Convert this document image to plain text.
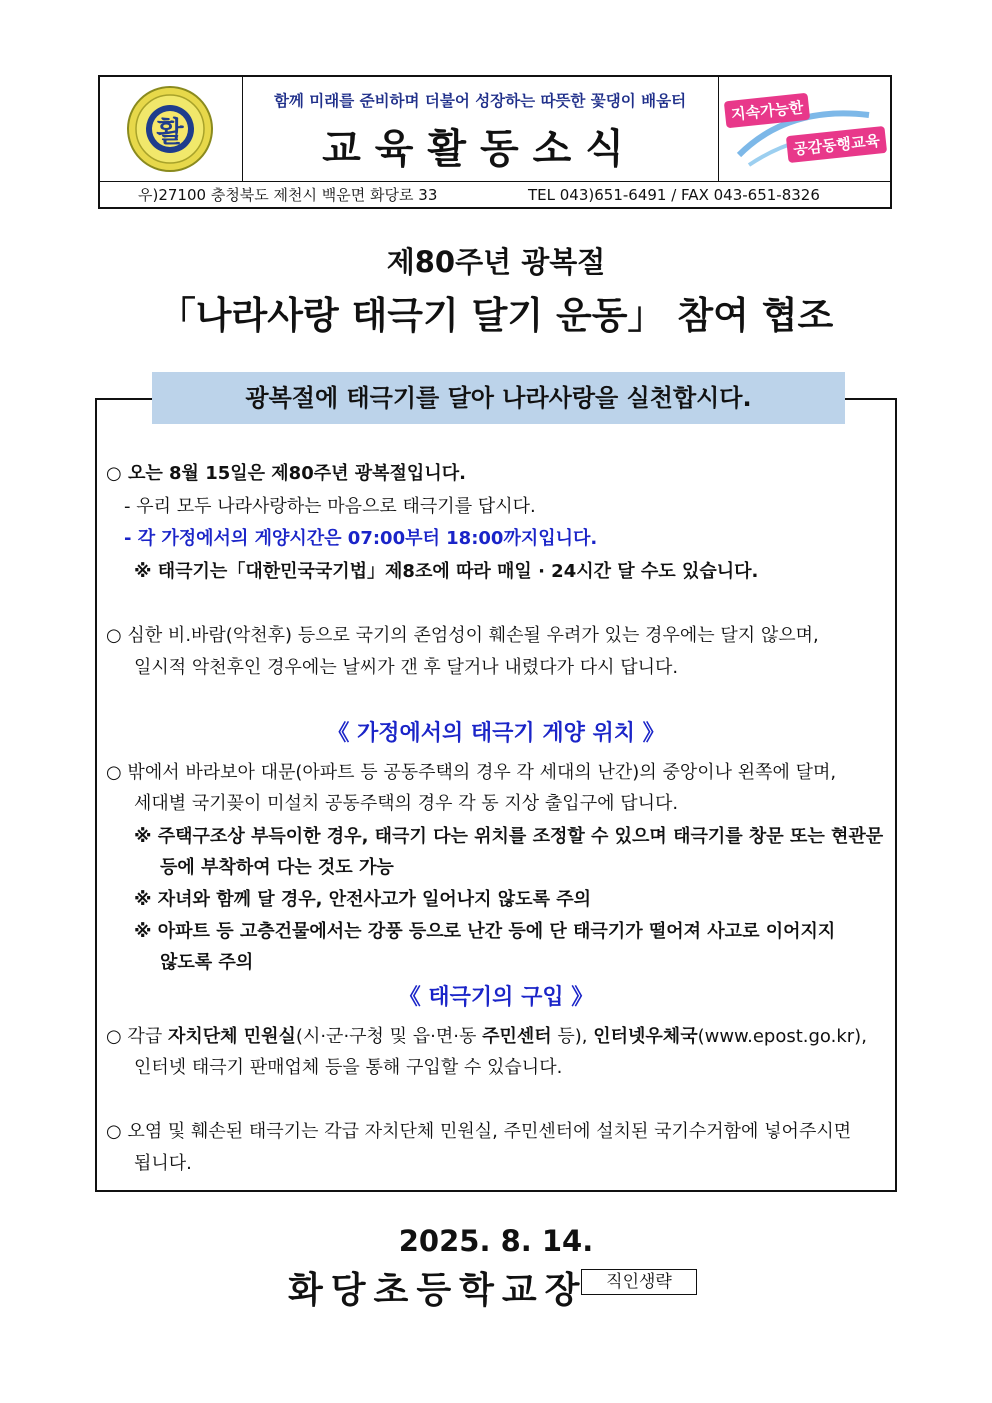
활
함께 미래를 준비하며 더불어 성장하는 따뜻한 꽃댕이 배움터
교육활동소식
지속가능한
공감동행교육
우)27100 충청북도 제천시 백운면 화당로 33	TEL 043)651-6491 / FAX 043-651-8326
제80주년 광복절
「나라사랑 태극기 달기 운동」 참여 협조
광복절에 태극기를 달아 나라사랑을 실천합시다.
○ 오는 8월 15일은 제80주년 광복절입니다.
- 우리 모두 나라사랑하는 마음으로 태극기를 답시다.
- 각 가정에서의 게양시간은 07:00부터 18:00까지입니다.
※ 태극기는「대한민국국기법」제8조에 따라 매일 · 24시간 달 수도 있습니다.
○ 심한 비.바람(악천후) 등으로 국기의 존엄성이 훼손될 우려가 있는 경우에는 달지 않으며,
일시적 악천후인 경우에는 날씨가 갠 후 달거나 내렸다가 다시 답니다.
《 가정에서의 태극기 게양 위치 》
○ 밖에서 바라보아 대문(아파트 등 공동주택의 경우 각 세대의 난간)의 중앙이나 왼쪽에 달며,
세대별 국기꽂이 미설치 공동주택의 경우 각 동 지상 출입구에 답니다.
※ 주택구조상 부득이한 경우, 태극기 다는 위치를 조정할 수 있으며 태극기를 창문 또는 현관문
등에 부착하여 다는 것도 가능
※ 자녀와 함께 달 경우, 안전사고가 일어나지 않도록 주의
※ 아파트 등 고층건물에서는 강풍 등으로 난간 등에 단 태극기가 떨어져 사고로 이어지지
않도록 주의
《 태극기의 구입 》
○ 각급 자치단체 민원실(시·군·구청 및 읍·면·동 주민센터 등), 인터넷우체국(www.epost.go.kr),
인터넷 태극기 판매업체 등을 통해 구입할 수 있습니다.
○ 오염 및 훼손된 태극기는 각급 자치단체 민원실, 주민센터에 설치된 국기수거함에 넣어주시면
됩니다.
2025. 8. 14.
화당초등학교장	직인생략
